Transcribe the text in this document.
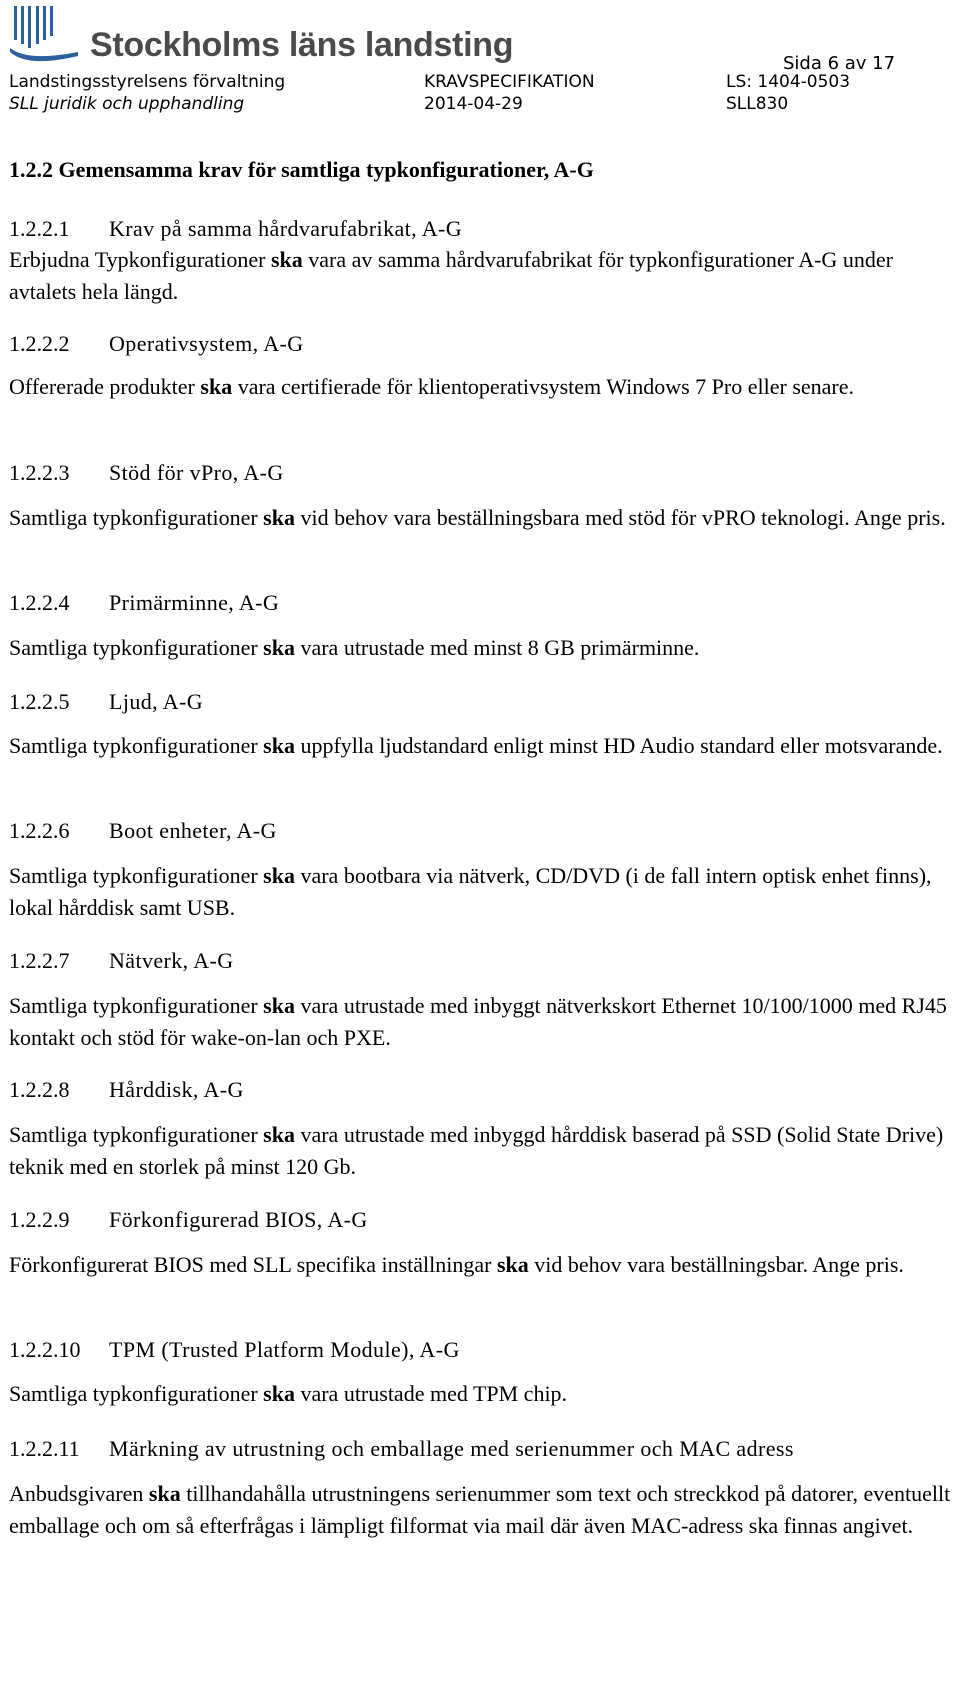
Stockholms läns landsting	Sida 6 av 17
Landstingsstyrelsens förvaltning	KRAVSPECIFIKATION	LS: 1404-0503
SLL juridik och upphandling	2014-04-29	SLL830
1.2.2 Gemensamma krav för samtliga typkonfigurationer, A-G
1.2.2.1 Krav på samma hårdvarufabrikat, A-G
Erbjudna Typkonfigurationer ska vara av samma hårdvarufabrikat för typkonfigurationer A-G under avtalets hela längd.
1.2.2.2 Operativsystem, A-G
Offererade produkter ska vara certifierade för klientoperativsystem Windows 7 Pro eller senare.
1.2.2.3 Stöd för vPro, A-G
Samtliga typkonfigurationer ska vid behov vara beställningsbara med stöd för vPRO teknologi. Ange pris.
1.2.2.4 Primärminne, A-G
Samtliga typkonfigurationer ska vara utrustade med minst 8 GB primärminne.
1.2.2.5 Ljud, A-G
Samtliga typkonfigurationer ska uppfylla ljudstandard enligt minst HD Audio standard eller motsvarande.
1.2.2.6 Boot enheter, A-G
Samtliga typkonfigurationer ska vara bootbara via nätverk, CD/DVD (i de fall intern optisk enhet finns), lokal hårddisk samt USB.
1.2.2.7 Nätverk, A-G
Samtliga typkonfigurationer ska vara utrustade med inbyggt nätverkskort Ethernet 10/100/1000 med RJ45 kontakt och stöd för wake-on-lan och PXE.
1.2.2.8 Hårddisk, A-G
Samtliga typkonfigurationer ska vara utrustade med inbyggd hårddisk baserad på SSD (Solid State Drive) teknik med en storlek på minst 120 Gb.
1.2.2.9 Förkonfigurerad BIOS, A-G
Förkonfigurerat BIOS med SLL specifika inställningar ska vid behov vara beställningsbar. Ange pris.
1.2.2.10 TPM (Trusted Platform Module), A-G
Samtliga typkonfigurationer ska vara utrustade med TPM chip.
1.2.2.11 Märkning av utrustning och emballage med serienummer och MAC adress
Anbudsgivaren ska tillhandahålla utrustningens serienummer som text och streckkod på datorer, eventuellt emballage och om så efterfrågas i lämpligt filformat via mail där även MAC-adress ska finnas angivet.
